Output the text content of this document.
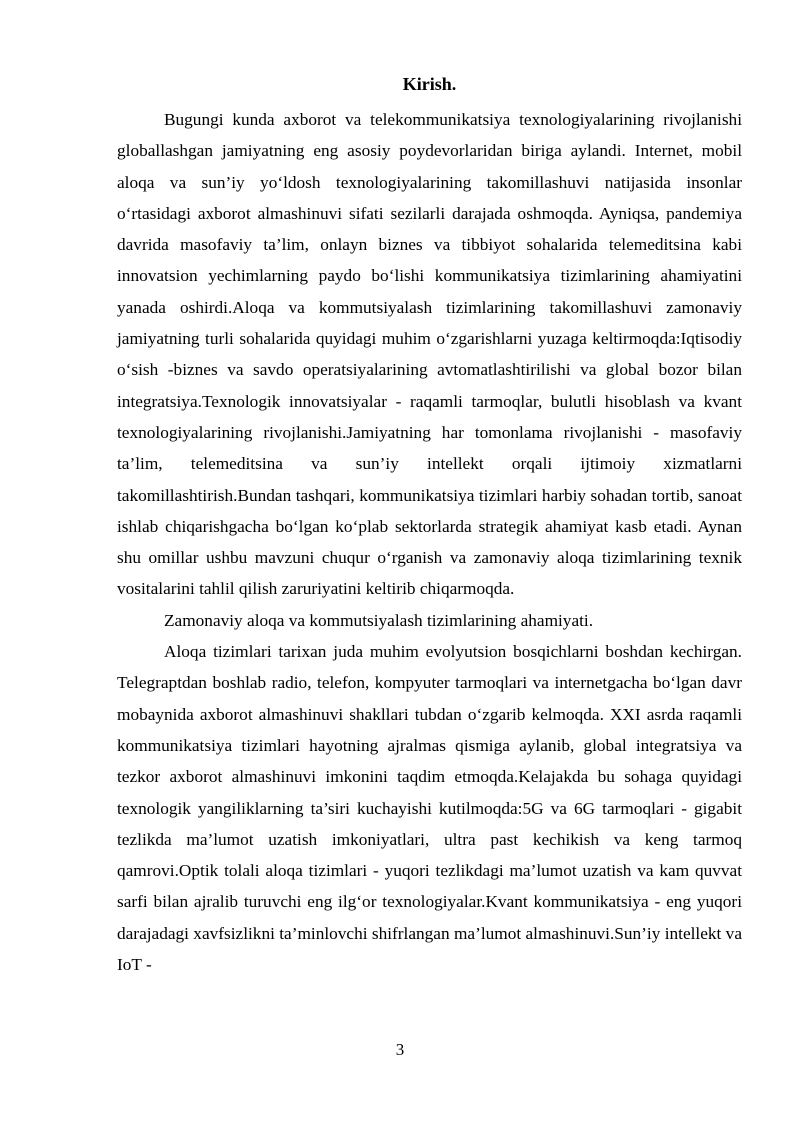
Kirish.

Bugungi kunda axborot va telekommunikatsiya texnologiyalarining rivojlanishi globallashgan jamiyatning eng asosiy poydevorlaridan biriga aylandi. Internet, mobil aloqa va sun’iy yo‘ldosh texnologiyalarining takomillashuvi natijasida insonlar o‘rtasidagi axborot almashinuvi sifati sezilarli darajada oshmoqda. Ayniqsa, pandemiya davrida masofaviy ta’lim, onlayn biznes va tibbiyot sohalarida telemeditsina kabi innovatsion yechimlarning paydo bo‘lishi kommunikatsiya tizimlarining ahamiyatini yanada oshirdi.Aloqa va kommutsiyalash tizimlarining takomillashuvi zamonaviy jamiyatning turli sohalarida quyidagi muhim o‘zgarishlarni yuzaga keltirmoqda:Iqtisodiy o‘sish -biznes va savdo operatsiyalarining avtomatlashtirilishi va global bozor bilan integratsiya.Texnologik innovatsiyalar - raqamli tarmoqlar, bulutli hisoblash va kvant texnologiyalarining rivojlanishi.Jamiyatning har tomonlama rivojlanishi - masofaviy ta’lim, telemeditsina va sun’iy intellekt orqali ijtimoiy xizmatlarni takomillashtirish.Bundan tashqari, kommunikatsiya tizimlari harbiy sohadan tortib, sanoat ishlab chiqarishgacha bo‘lgan ko‘plab sektorlarda strategik ahamiyat kasb etadi. Aynan shu omillar ushbu mavzuni chuqur o‘rganish va zamonaviy aloqa tizimlarining texnik vositalarini tahlil qilish zaruriyatini keltirib chiqarmoqda.

Zamonaviy aloqa va kommutsiyalash tizimlarining ahamiyati.

Aloqa tizimlari tarixan juda muhim evolyutsion bosqichlarni boshdan kechirgan. Telegraptdan boshlab radio, telefon, kompyuter tarmoqlari va internetgacha bo‘lgan davr mobaynida axborot almashinuvi shakllari tubdan o‘zgarib kelmoqda. XXI asrda raqamli kommunikatsiya tizimlari hayotning ajralmas qismiga aylanib, global integratsiya va tezkor axborot almashinuvi imkonini taqdim etmoqda.Kelajakda bu sohaga quyidagi texnologik yangiliklarning ta’siri kuchayishi kutilmoqda:5G va 6G tarmoqlari - gigabit tezlikda ma’lumot uzatish imkoniyatlari, ultra past kechikish va keng tarmoq qamrovi.Optik tolali aloqa tizimlari - yuqori tezlikdagi ma’lumot uzatish va kam quvvat sarfi bilan ajralib turuvchi eng ilg‘or texnologiyalar.Kvant kommunikatsiya - eng yuqori darajadagi xavfsizlikni ta’minlovchi shifrlangan ma’lumot almashinuvi.Sun’iy intellekt va IoT -

3
